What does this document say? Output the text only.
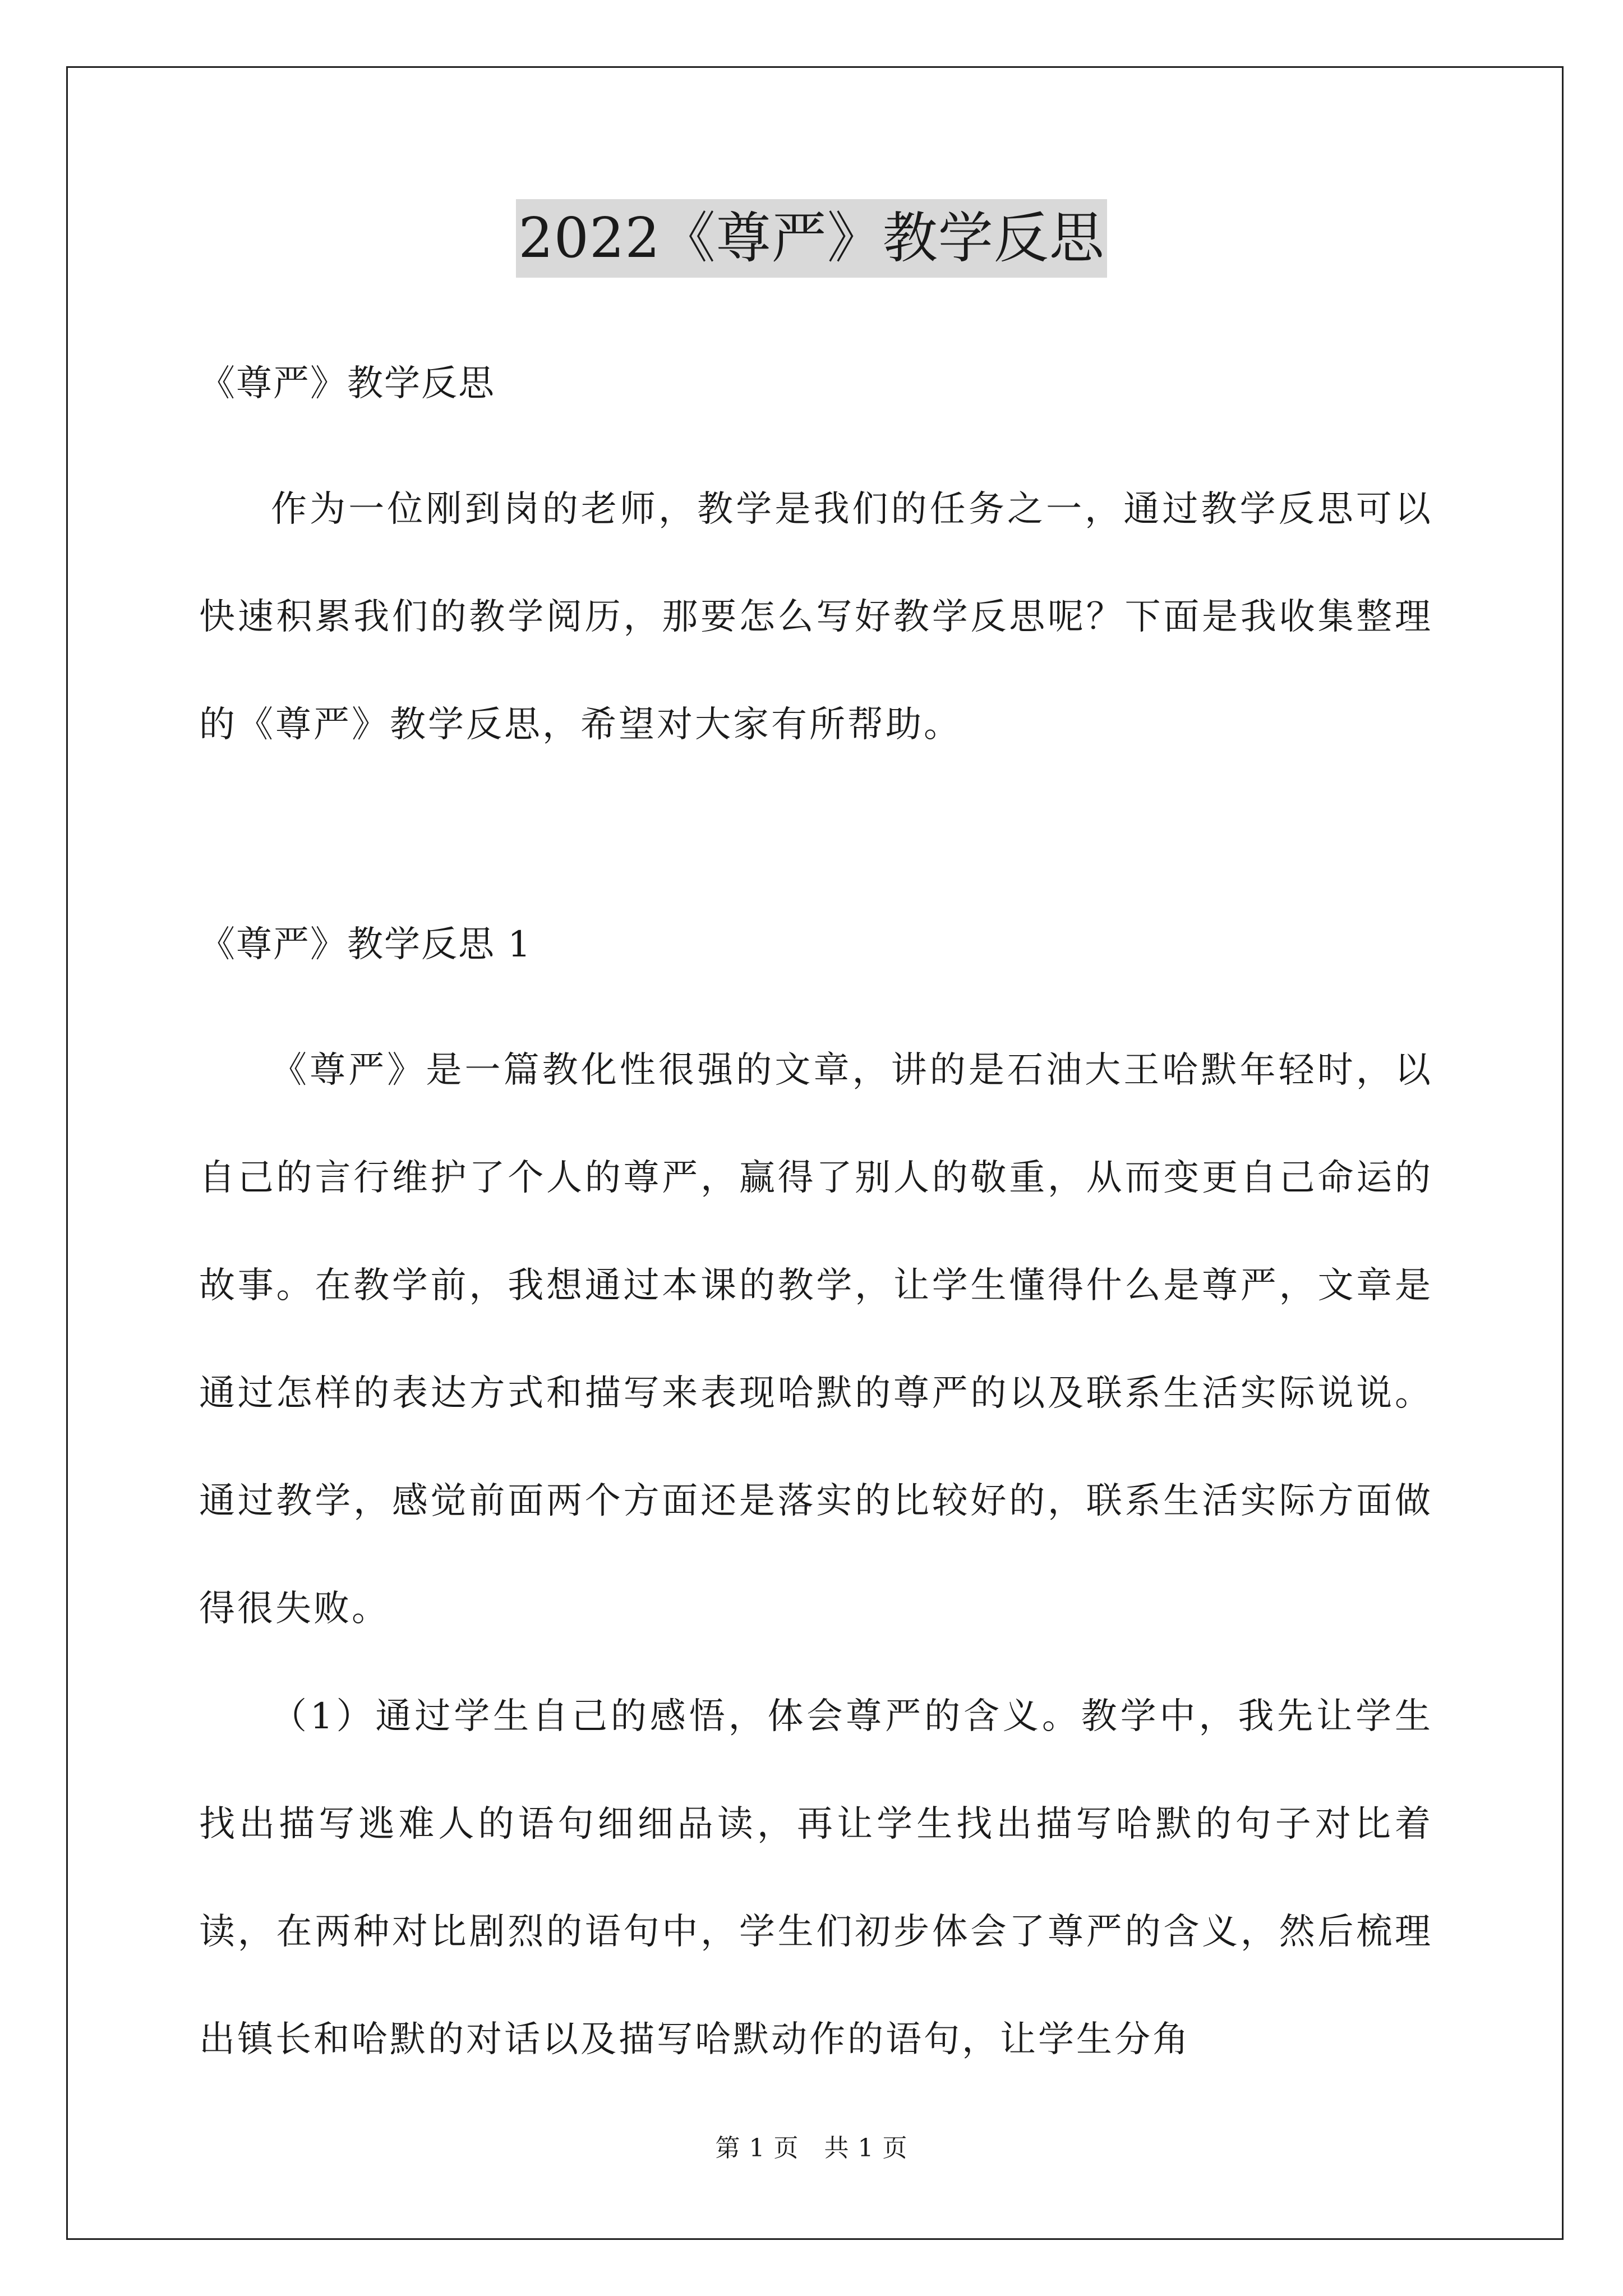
2022《尊严》教学反思

《尊严》教学反思

作为一位刚到岗的老师，教学是我们的任务之一，通过教学反思可以快速积累我们的教学阅历，那要怎么写好教学反思呢？下面是我收集整理的《尊严》教学反思，希望对大家有所帮助。

《尊严》教学反思 1

《尊严》是一篇教化性很强的文章，讲的是石油大王哈默年轻时，以自己的言行维护了个人的尊严，赢得了别人的敬重，从而变更自己命运的故事。在教学前，我想通过本课的教学，让学生懂得什么是尊严，文章是通过怎样的表达方式和描写来表现哈默的尊严的以及联系生活实际说说。通过教学，感觉前面两个方面还是落实的比较好的，联系生活实际方面做得很失败。

（1）通过学生自己的感悟，体会尊严的含义。教学中，我先让学生找出描写逃难人的语句细细品读，再让学生找出描写哈默的句子对比着读，在两种对比剧烈的语句中，学生们初步体会了尊严的含义，然后梳理出镇长和哈默的对话以及描写哈默动作的语句，让学生分角

第 1 页　共 1 页
